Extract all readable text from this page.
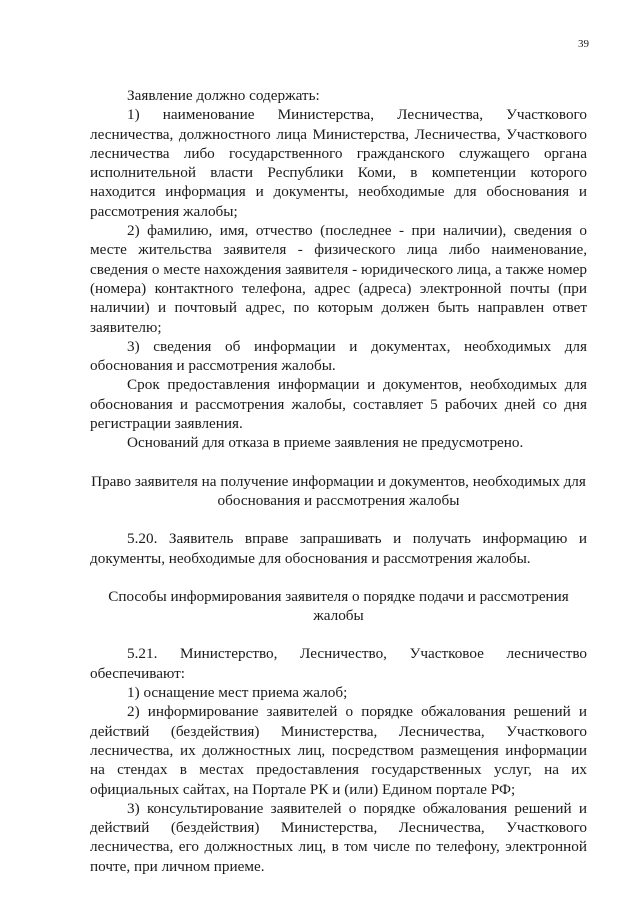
39

Заявление должно содержать:

1) наименование Министерства, Лесничества, Участкового лесничества, должностного лица Министерства, Лесничества, Участкового лесничества либо государственного гражданского служащего органа исполнительной власти Республики Коми, в компетенции которого находится информация и документы, необходимые для обоснования и рассмотрения жалобы;

2) фамилию, имя, отчество (последнее - при наличии), сведения о месте жительства заявителя - физического лица либо наименование, сведения о месте нахождения заявителя - юридического лица, а также номер (номера) контактного телефона, адрес (адреса) электронной почты (при наличии) и почтовый адрес, по которым должен быть направлен ответ заявителю;

3) сведения об информации и документах, необходимых для обоснования и рассмотрения жалобы.

Срок предоставления информации и документов, необходимых для обоснования и рассмотрения жалобы, составляет 5 рабочих дней со дня регистрации заявления.

Оснований для отказа в приеме заявления не предусмотрено.

Право заявителя на получение информации и документов, необходимых для обоснования и рассмотрения жалобы

5.20. Заявитель вправе запрашивать и получать информацию и документы, необходимые для обоснования и рассмотрения жалобы.

Способы информирования заявителя о порядке подачи и рассмотрения жалобы

5.21. Министерство, Лесничество, Участковое лесничество обеспечивают:

1) оснащение мест приема жалоб;

2) информирование заявителей о порядке обжалования решений и действий (бездействия) Министерства, Лесничества, Участкового лесничества, их должностных лиц, посредством размещения информации на стендах в местах предоставления государственных услуг, на их официальных сайтах, на Портале РК и (или) Едином портале РФ;

3) консультирование заявителей о порядке обжалования решений и действий (бездействия) Министерства, Лесничества, Участкового лесничества, его должностных лиц, в том числе по телефону, электронной почте, при личном приеме.
